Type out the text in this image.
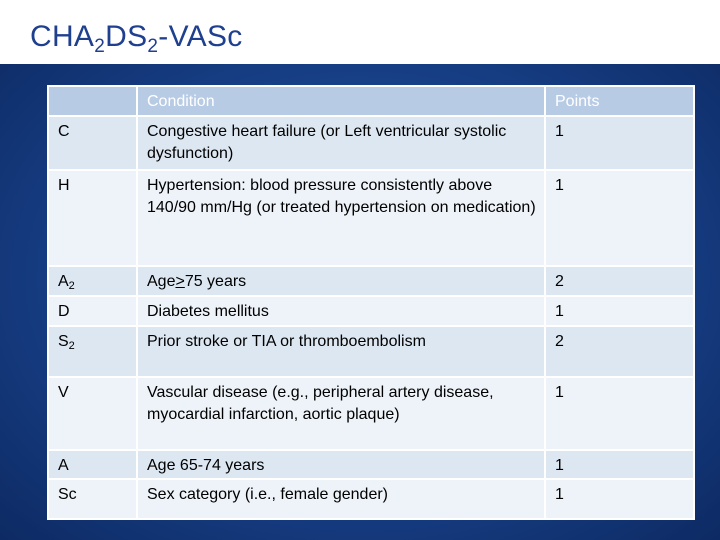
$CHA_2DS_2$-VASc
	Condition	Points
C	Congestive heart failure (or Left ventricular systolic dysfunction)	1
H	Hypertension: blood pressure consistently above 140/90 mm/Hg (or treated hypertension on medication)	1
$A_2$	Age>75 years	2
D	Diabetes mellitus	1
$S_2$	Prior stroke or TIA or thromboembolism	2
V	Vascular disease (e.g., peripheral artery disease, myocardial infarction, aortic plaque)	1
A	Age 65-74 years	1
Sc	Sex category (i.e., female gender)	1
